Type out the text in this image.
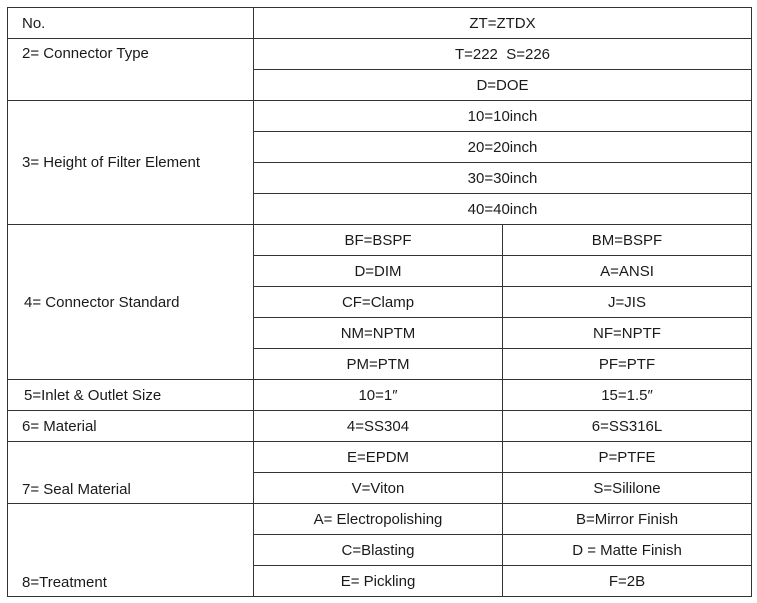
No.	ZT=ZTDX	
2= Connector Type	T=222  S=226	
	D=DOE	
3= Height of Filter Element	10=10inch	
	20=20inch	
	30=30inch	
	40=40inch	
4= Connector Standard	BF=BSPF	BM=BSPF
	D=DIM	A=ANSI
	CF=Clamp	J=JIS
	NM=NPTM	NF=NPTF
	PM=PTM	PF=PTF
5=Inlet & Outlet Size	10=1″	15=1.5″
6= Material	4=SS304	6=SS316L
7= Seal Material	E=EPDM	P=PTFE
	V=Viton	S=Sililone
8=Treatment	A= Electropolishing	B=Mirror Finish
	C=Blasting	D = Matte Finish
	E= Pickling	F=2B
